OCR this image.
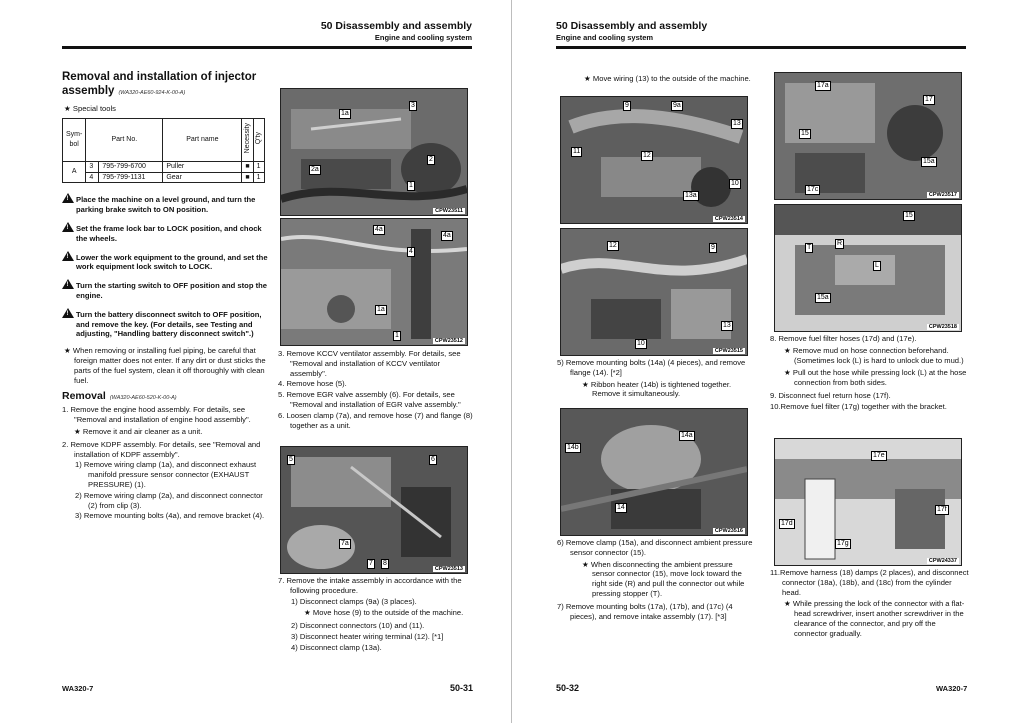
50 Disassembly and assembly
Engine and cooling system
Removal and installation of injector assembly (WA320-AE60-924-K-00-A)
★ Special tools
Sym-bol	Part No.		Part name	Necessity	Q'ty
A	3	795-799-6700	Puller	■	1
	4	795-799-1131	Gear	■	1

!Place the machine on a level ground, and turn the parking brake switch to ON position.

!Set the frame lock bar to LOCK position, and chock the wheels.

!Lower the work equipment to the ground, and set the work equipment lock switch to LOCK.

!Turn the starting switch to OFF position and stop the engine.

!Turn the battery disconnect switch to OFF position, and remove the key. (For details, see Testing and adjusting, "Handling battery disconnect switch".)

★ When removing or installing fuel piping, be careful that foreign matter does not enter. If any dirt or dust sticks the parts of the fuel system, clean it off thoroughly with clean fuel.

Removal (WA320-AE60-520-K-00-A)

1. Remove the engine hood assembly. For details, see "Removal and installation of engine hood assembly".

★ Remove it and air cleaner as a unit.

2. Remove KDPF assembly. For details, see "Removal and installation of KDPF assembly".

1) Remove wiring clamp (1a), and disconnect exhaust manifold pressure sensor connector (EXHAUST PRESSURE) (1).

2) Remove wiring clamp (2a), and disconnect connector (2) from clip (3).

3) Remove mounting bolts (4a), and remove bracket (4).

3
1a
2
2a
1
CPW23511
4a
4a
4
1a
1
CPW23512

3. Remove KCCV ventilator assembly. For details, see "Removal and installation of KCCV ventilator assembly".

4. Remove hose (5).

5. Remove EGR valve assembly (6). For details, see "Removal and installation of EGR valve assembly."

6. Loosen clamp (7a), and remove hose (7) and flange (8) together as a unit.

5	6
7a
7 8
CPW23513

7. Remove the intake assembly in accordance with the following procedure.

1) Disconnect clamps (9a) (3 places).

★ Move hose (9) to the outside of the machine.

2) Disconnect connectors (10) and (11).

3) Disconnect heater wiring terminal (12). [*1]

4) Disconnect clamp (13a).

WA320-7	50-31
50 Disassembly and assembly
Engine and cooling system

★ Move wiring (13) to the outside of the machine.

9	9a
13
11
12
10
13a
CPW23514
12	9
13
10
CPW23515

5) Remove mounting bolts (14a) (4 pieces), and remove flange (14). [*2]

★ Ribbon heater (14b) is tightened together. Remove it simultaneously.

14b
14a
14
CPW23516

6) Remove clamp (15a), and disconnect ambient pressure sensor connector (15).

★ When disconnecting the ambient pressure sensor connector (15), move lock toward the right side (R) and pull the connector out while pressing stopper (T).

7) Remove mounting bolts (17a), (17b), and (17c) (4 pieces), and remove intake assembly (17). [*3]

17a
17
15
15a
17c
CPW23517
15
T
R
L
15a
CPW23518

8. Remove fuel filter hoses (17d) and (17e).

★ Remove mud on hose connection beforehand. (Sometimes lock (L) is hard to unlock due to mud.)

★ Pull out the hose while pressing lock (L) at the hose connection from both sides.

9. Disconnect fuel return hose (17f).

10.Remove fuel filter (17g) together with the bracket.

17e
17f
17d
17g
CPW24337

11.Remove harness (18) damps (2 places), and disconnect connector (18a), (18b), and (18c) from the cylinder head.

★ While pressing the lock of the connector with a flat-head screwdriver, insert another screwdriver in the clearance of the connector, and pry off the connector gradually.

50-32	WA320-7
